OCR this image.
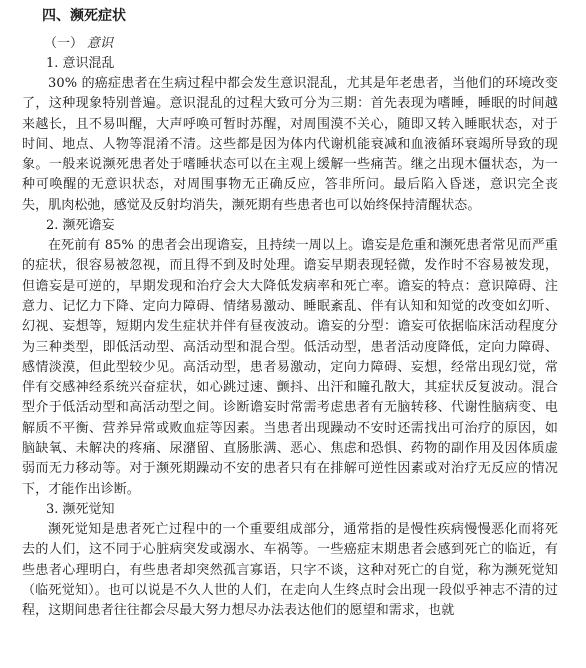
四、濒死症状
（一） 意识
1. 意识混乱

30% 的癌症患者在生病过程中都会发生意识混乱，尤其是年老患者，当他们的环境改变了，这种现象特别普遍。意识混乱的过程大致可分为三期：首先表现为嗜睡，睡眠的时间越来越长，且不易叫醒，大声呼唤可暂时苏醒，对周围漠不关心，随即又转入睡眠状态，对于时间、地点、人物等混淆不清。这些都是因为体内代谢机能衰减和血液循环衰竭所导致的现象。一般来说濒死患者处于嗜睡状态可以在主观上缓解一些痛苦。继之出现木僵状态，为一种可唤醒的无意识状态，对周围事物无正确反应，答非所问。最后陷入昏迷，意识完全丧失，肌肉松弛，感觉及反射均消失，濒死期有些患者也可以始终保持清醒状态。

2. 濒死谵妄

在死前有 85% 的患者会出现谵妄，且持续一周以上。谵妄是危重和濒死患者常见而严重的症状，很容易被忽视，而且得不到及时处理。谵妄早期表现轻微，发作时不容易被发现，但谵妄是可逆的，早期发现和治疗会大大降低发病率和死亡率。谵妄的特点：意识障碍、注意力、记忆力下降、定向力障碍、情绪易激动、睡眠紊乱、伴有认知和知觉的改变如幻听、幻视、妄想等，短期内发生症状并伴有昼夜波动。谵妄的分型：谵妄可依据临床活动程度分为三种类型，即低活动型、高活动型和混合型。低活动型，患者活动度降低，定向力障碍、感情淡漠，但此型较少见。高活动型，患者易激动，定向力障碍、妄想，经常出现幻觉，常伴有交感神经系统兴奋症状，如心跳过速、颤抖、出汗和瞳孔散大，其症状反复波动。混合型介于低活动型和高活动型之间。诊断谵妄时常需考虑患者有无脑转移、代谢性脑病变、电解质不平衡、营养异常或败血症等因素。当患者出现躁动不安时还需找出可治疗的原因，如脑缺氧、未解决的疼痛、尿潴留、直肠胀满、恶心、焦虑和恐惧、药物的副作用及因体质虚弱而无力移动等。对于濒死期躁动不安的患者只有在排解可逆性因素或对治疗无反应的情况下，才能作出诊断。

3. 濒死觉知

濒死觉知是患者死亡过程中的一个重要组成部分，通常指的是慢性疾病慢慢恶化而将死去的人们，这不同于心脏病突发或溺水、车祸等。一些癌症末期患者会感到死亡的临近，有些患者心理明白，有些患者却突然孤言寡语，只字不谈，这种对死亡的自觉，称为濒死觉知（临死觉知）。也可以说是不久人世的人们，在走向人生终点时会出现一段似乎神志不清的过程，这期间患者往往都会尽最大努力想尽办法表达他们的愿望和需求，也就
